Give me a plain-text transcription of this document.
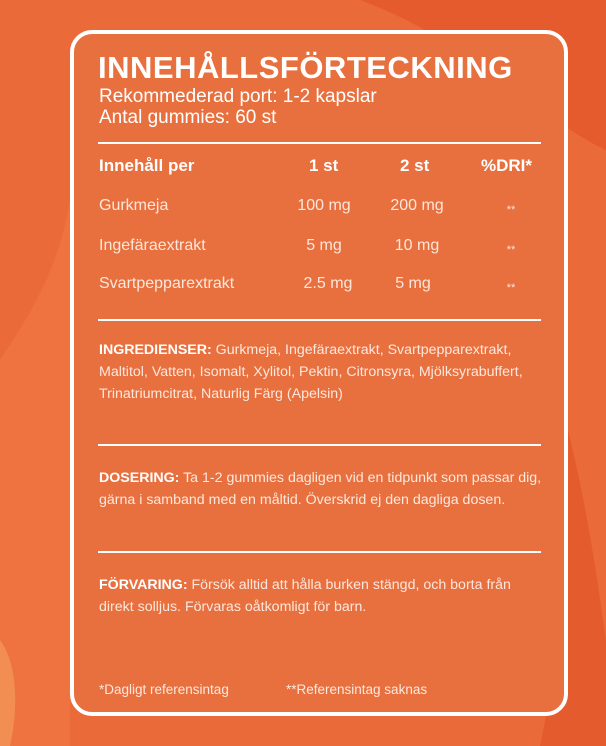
INNEHÅLLSFÖRTECKNING
Rekommederad port: 1-2 kapslar
Antal gummies: 60 st
Innehåll per	1 st	2 st	%DRI*
Gurkmeja	100 mg	200 mg	**
Ingefäraextrakt	5 mg	10 mg	**
Svartpepparextrakt	2.5 mg	5 mg	**
INGREDIENSER: Gurkmeja, Ingefäraextrakt, Svartpepparextrakt, Maltitol, Vatten, Isomalt, Xylitol, Pektin, Citronsyra, Mjölksyrabuffert, Trinatriumcitrat, Naturlig Färg (Apelsin)
DOSERING: Ta 1-2 gummies dagligen vid en tidpunkt som passar dig, gärna i samband med en måltid. Överskrid ej den dagliga dosen.
FÖRVARING: Försök alltid att hålla burken stängd, och borta från direkt solljus. Förvaras oåtkomligt för barn.
*Dagligt referensintag	**Referensintag saknas
